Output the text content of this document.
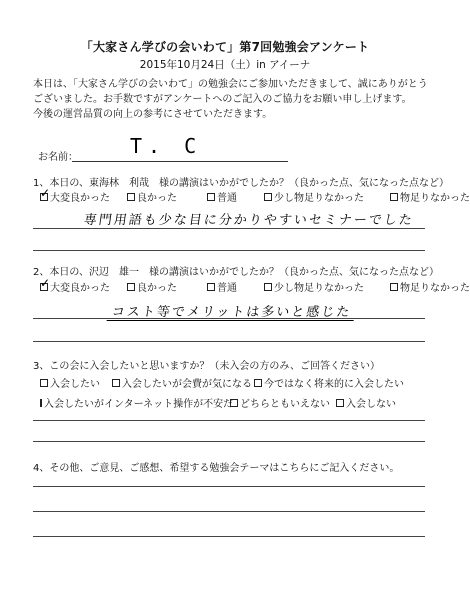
「大家さん学びの会いわて」第7回勉強会アンケート
2015年10月24日（土）in アイーナ
本日は、「大家さん学びの会いわて」の勉強会にご参加いただきまして、誠にありがとう
ございました。お手数ですがアンケートへのご記入のご協力をお願い申し上げます。
今後の運営品質の向上の参考にさせていただきます。
お名前：	T. C
1、本日の、東海林　利哉　様の講演はいかがでしたか？（良かった点、気になった点など）
✓ 大変良かった	良かった	普通	少し物足りなかった	物足りなかった
専門用語も少な目に分かりやすいセミナーでした
2、本日の、沢辺　雄一　様の講演はいかがでしたか？（良かった点、気になった点など）
✓ 大変良かった	良かった	普通	少し物足りなかった	物足りなかった
コスト等でメリットは多いと感じた
3、この会に入会したいと思いますか？（未入会の方のみ、ご回答ください）
入会したい 入会したいが会費が気になる 今ではなく将来的に入会したい
入会したいがインターネット操作が不安だ どちらともいえない 入会しない
4、その他、ご意見、ご感想、希望する勉強会テーマはこちらにご記入ください。
